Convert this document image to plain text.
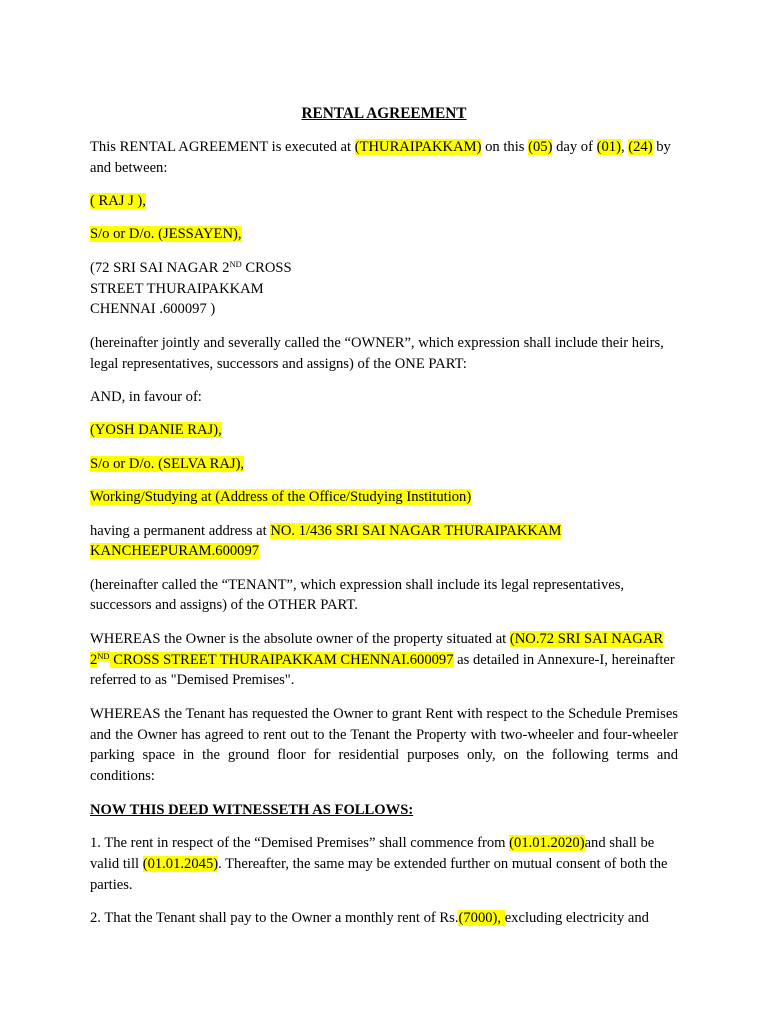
RENTAL AGREEMENT

This RENTAL AGREEMENT is executed at (THURAIPAKKAM) on this (05) day of (01), (24) by and between:

( RAJ J ),

S/o or D/o. (JESSAYEN),

(72 SRI SAI NAGAR 2ND CROSS
STREET THURAIPAKKAM
CHENNAI .600097 )

(hereinafter jointly and severally called the “OWNER”, which expression shall include their heirs, legal representatives, successors and assigns) of the ONE PART:

AND, in favour of:

(YOSH DANIE RAJ),

S/o or D/o. (SELVA RAJ),

Working/Studying at (Address of the Office/Studying Institution)

having a permanent address at NO. 1/436 SRI SAI NAGAR THURAIPAKKAM KANCHEEPURAM.600097

(hereinafter called the “TENANT”, which expression shall include its legal representatives, successors and assigns) of the OTHER PART.

WHEREAS the Owner is the absolute owner of the property situated at (NO.72 SRI SAI NAGAR 2ND CROSS STREET THURAIPAKKAM CHENNAI.600097 as detailed in Annexure-I, hereinafter referred to as "Demised Premises".

WHEREAS the Tenant has requested the Owner to grant Rent with respect to the Schedule Premises and the Owner has agreed to rent out to the Tenant the Property with two-wheeler and four-wheeler parking space in the ground floor for residential purposes only, on the following terms and conditions:

NOW THIS DEED WITNESSETH AS FOLLOWS:

1. The rent in respect of the “Demised Premises” shall commence from (01.01.2020)and shall be valid till (01.01.2045). Thereafter, the same may be extended further on mutual consent of both the parties.

2. That the Tenant shall pay to the Owner a monthly rent of Rs.(7000), excluding electricity and
